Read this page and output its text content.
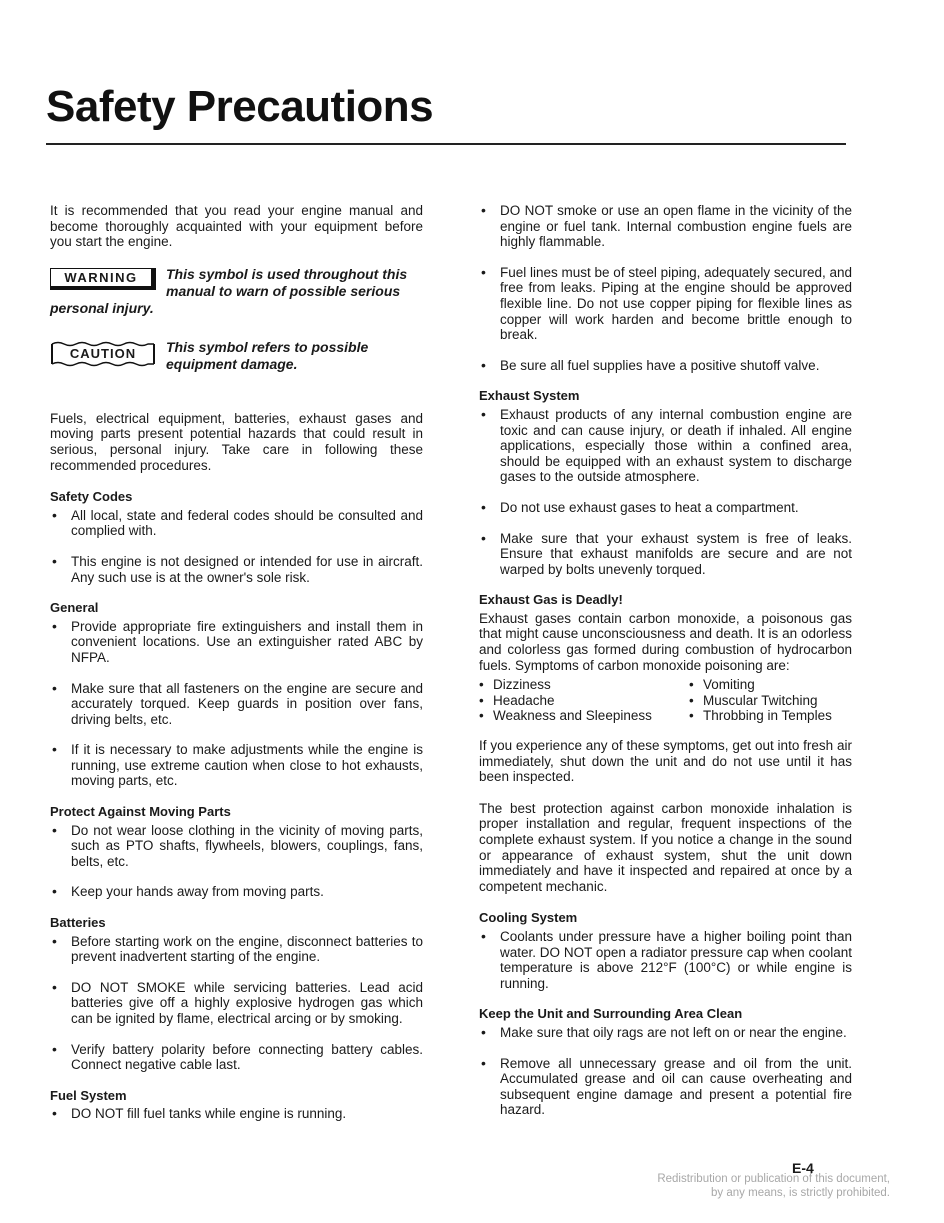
Safety Precautions

It is recommended that you read your engine manual and become thoroughly acquainted with your equipment before you start the engine.

WARNING	This symbol is used throughout this manual to warn of possible serious personal injury.
CAUTION	This symbol refers to possible equipment damage.

Fuels, electrical equipment, batteries, exhaust gases and moving parts present potential hazards that could result in serious, personal injury. Take care in following these recommended procedures.

Safety Codes
• All local, state and federal codes should be consulted and complied with.
• This engine is not designed or intended for use in aircraft. Any such use is at the owner's sole risk.
General
• Provide appropriate fire extinguishers and install them in convenient locations. Use an extinguisher rated ABC by NFPA.
• Make sure that all fasteners on the engine are secure and accurately torqued. Keep guards in position over fans, driving belts, etc.
• If it is necessary to make adjustments while the engine is running, use extreme caution when close to hot exhausts, moving parts, etc.
Protect Against Moving Parts
• Do not wear loose clothing in the vicinity of moving parts, such as PTO shafts, flywheels, blowers, couplings, fans, belts, etc.
• Keep your hands away from moving parts.
Batteries
• Before starting work on the engine, disconnect batteries to prevent inadvertent starting of the engine.
• DO NOT SMOKE while servicing batteries. Lead acid batteries give off a highly explosive hydrogen gas which can be ignited by flame, electrical arcing or by smoking.
• Verify battery polarity before connecting battery cables. Connect negative cable last.
Fuel System
• DO NOT fill fuel tanks while engine is running.
• DO NOT smoke or use an open flame in the vicinity of the engine or fuel tank. Internal combustion engine fuels are highly flammable.
• Fuel lines must be of steel piping, adequately secured, and free from leaks. Piping at the engine should be approved flexible line. Do not use copper piping for flexible lines as copper will work harden and become brittle enough to break.
• Be sure all fuel supplies have a positive shutoff valve.
Exhaust System
• Exhaust products of any internal combustion engine are toxic and can cause injury, or death if inhaled. All engine applications, especially those within a confined area, should be equipped with an exhaust system to discharge gases to the outside atmosphere.
• Do not use exhaust gases to heat a compartment.
• Make sure that your exhaust system is free of leaks. Ensure that exhaust manifolds are secure and are not warped by bolts unevenly torqued.
Exhaust Gas is Deadly!

Exhaust gases contain carbon monoxide, a poisonous gas that might cause unconsciousness and death. It is an odorless and colorless gas formed during combustion of hydrocarbon fuels. Symptoms of carbon monoxide poisoning are:

• Dizziness	• Vomiting
• Headache	• Muscular Twitching
• Weakness and Sleepiness	• Throbbing in Temples

If you experience any of these symptoms, get out into fresh air immediately, shut down the unit and do not use until it has been inspected.

The best protection against carbon monoxide inhalation is proper installation and regular, frequent inspections of the complete exhaust system. If you notice a change in the sound or appearance of exhaust system, shut the unit down immediately and have it inspected and repaired at once by a competent mechanic.

Cooling System
• Coolants under pressure have a higher boiling point than water. DO NOT open a radiator pressure cap when coolant temperature is above 212°F (100°C) or while engine is running.
Keep the Unit and Surrounding Area Clean
• Make sure that oily rags are not left on or near the engine.
• Remove all unnecessary grease and oil from the unit. Accumulated grease and oil can cause overheating and subsequent engine damage and present a potential fire hazard.
E-4
Redistribution or publication of this document,
by any means, is strictly prohibited.
